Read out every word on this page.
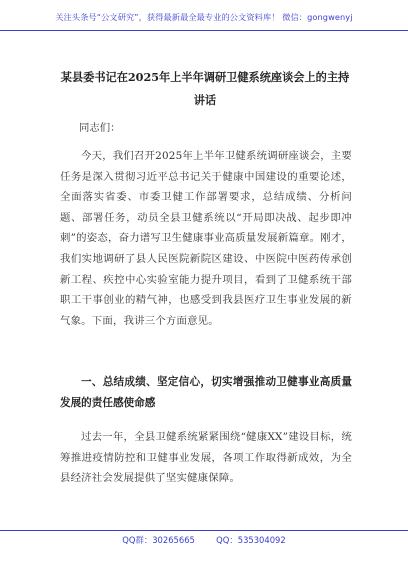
关注头条号“公文研究”，获得最新最全最专业的公文资料库！ 微信：gongwenyj
某县委书记在2025年上半年调研卫健系统座谈会上的主持讲话
同志们：
今天，我们召开2025年上半年卫健系统调研座谈会，主要任务是深入贯彻习近平总书记关于健康中国建设的重要论述，全面落实省委、市委卫健工作部署要求，总结成绩、分析问题、部署任务，动员全县卫健系统以“开局即决战、起步即冲刺”的姿态，奋力谱写卫生健康事业高质量发展新篇章。刚才，我们实地调研了县人民医院新院区建设、中医院中医药传承创新工程、疾控中心实验室能力提升项目，看到了卫健系统干部职工干事创业的精气神，也感受到我县医疗卫生事业发展的新气象。下面，我讲三个方面意见。
一、总结成绩、坚定信心，切实增强推动卫健事业高质量发展的责任感使命感
过去一年，全县卫健系统紧紧围绕“健康XX”建设目标，统筹推进疫情防控和卫健事业发展，各项工作取得新成效，为全县经济社会发展提供了坚实健康保障。
QQ群：30265665	QQ：535304092
